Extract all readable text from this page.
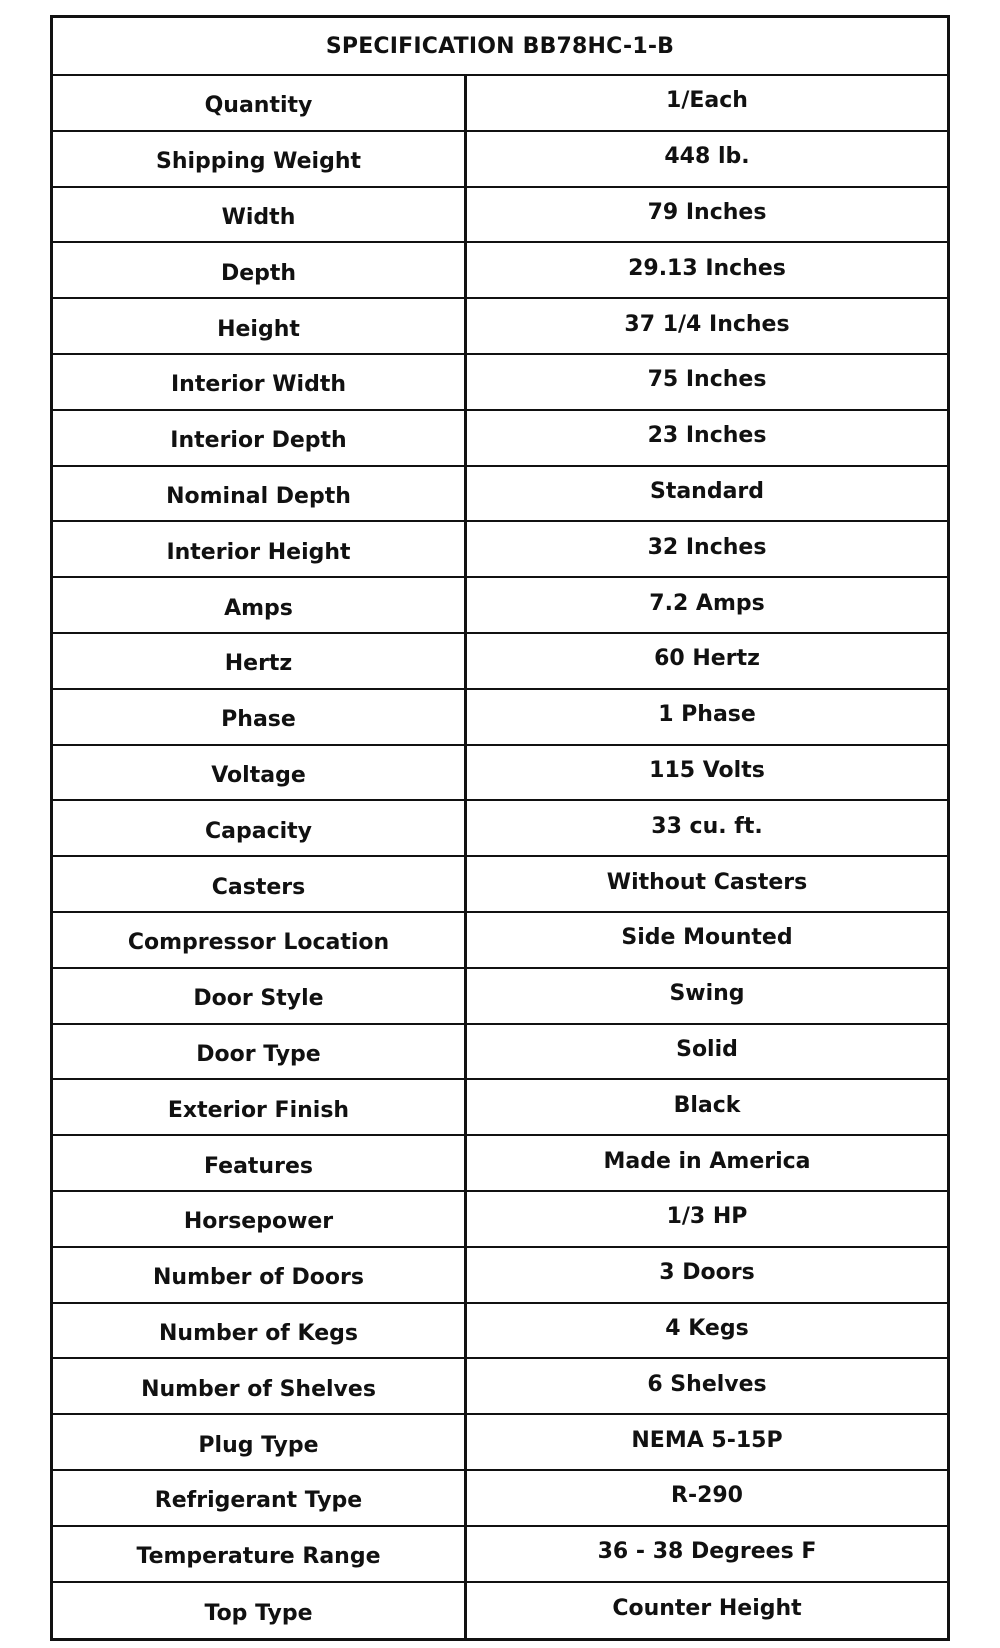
SPECIFICATION BB78HC-1-B
Quantity	1/Each
Shipping Weight	448 lb.
Width	79 Inches
Depth	29.13 Inches
Height	37 1/4 Inches
Interior Width	75 Inches
Interior Depth	23 Inches
Nominal Depth	Standard
Interior Height	32 Inches
Amps	7.2 Amps
Hertz	60 Hertz
Phase	1 Phase
Voltage	115 Volts
Capacity	33 cu. ft.
Casters	Without Casters
Compressor Location	Side Mounted
Door Style	Swing
Door Type	Solid
Exterior Finish	Black
Features	Made in America
Horsepower	1/3 HP
Number of Doors	3 Doors
Number of Kegs	4 Kegs
Number of Shelves	6 Shelves
Plug Type	NEMA 5-15P
Refrigerant Type	R-290
Temperature Range	36 - 38 Degrees F
Top Type	Counter Height
